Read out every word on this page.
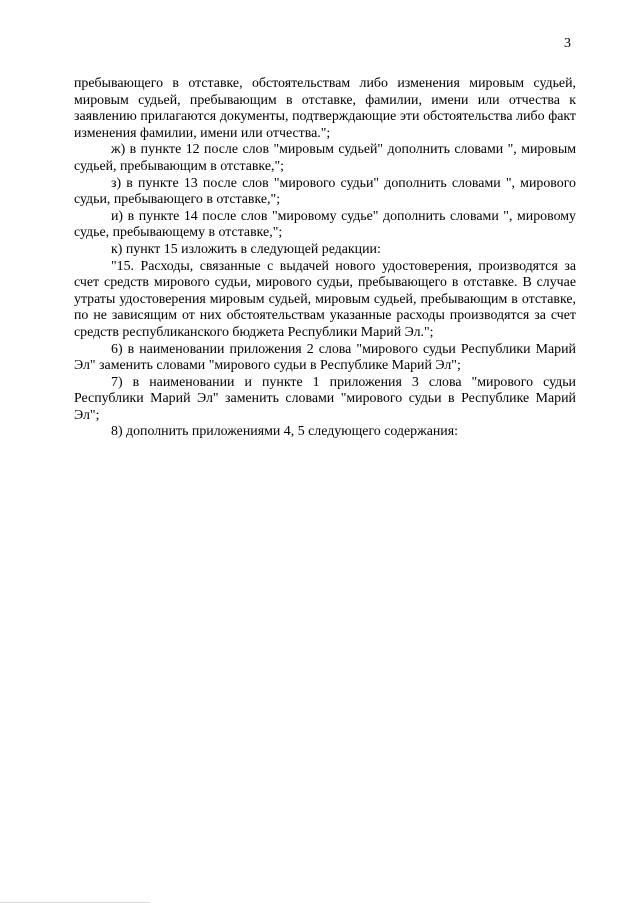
3

пребывающего в отставке, обстоятельствам либо изменения мировым судьей, мировым судьей, пребывающим в отставке, фамилии, имени или отчества к заявлению прилагаются документы, подтверждающие эти обстоятельства либо факт изменения фамилии, имени или отчества.";

ж) в пункте 12 после слов "мировым судьей" дополнить словами ", мировым судьей, пребывающим в отставке,";

з) в пункте 13 после слов "мирового судьи" дополнить словами ", мирового судьи, пребывающего в отставке,";

и) в пункте 14 после слов "мировому судье" дополнить словами ", мировому судье, пребывающему в отставке,";

к) пункт 15 изложить в следующей редакции:

"15. Расходы, связанные с выдачей нового удостоверения, производятся за счет средств мирового судьи, мирового судьи, пребывающего в отставке. В случае утраты удостоверения мировым судьей, мировым судьей, пребывающим в отставке, по не зависящим от них обстоятельствам указанные расходы производятся за счет средств республиканского бюджета Республики Марий Эл.";

6) в наименовании приложения 2 слова "мирового судьи Республики Марий Эл" заменить словами "мирового судьи в Республике Марий Эл";

7) в наименовании и пункте 1 приложения 3 слова "мирового судьи Республики Марий Эл" заменить словами "мирового судьи в Республике Марий Эл";

8) дополнить приложениями 4, 5 следующего содержания:
